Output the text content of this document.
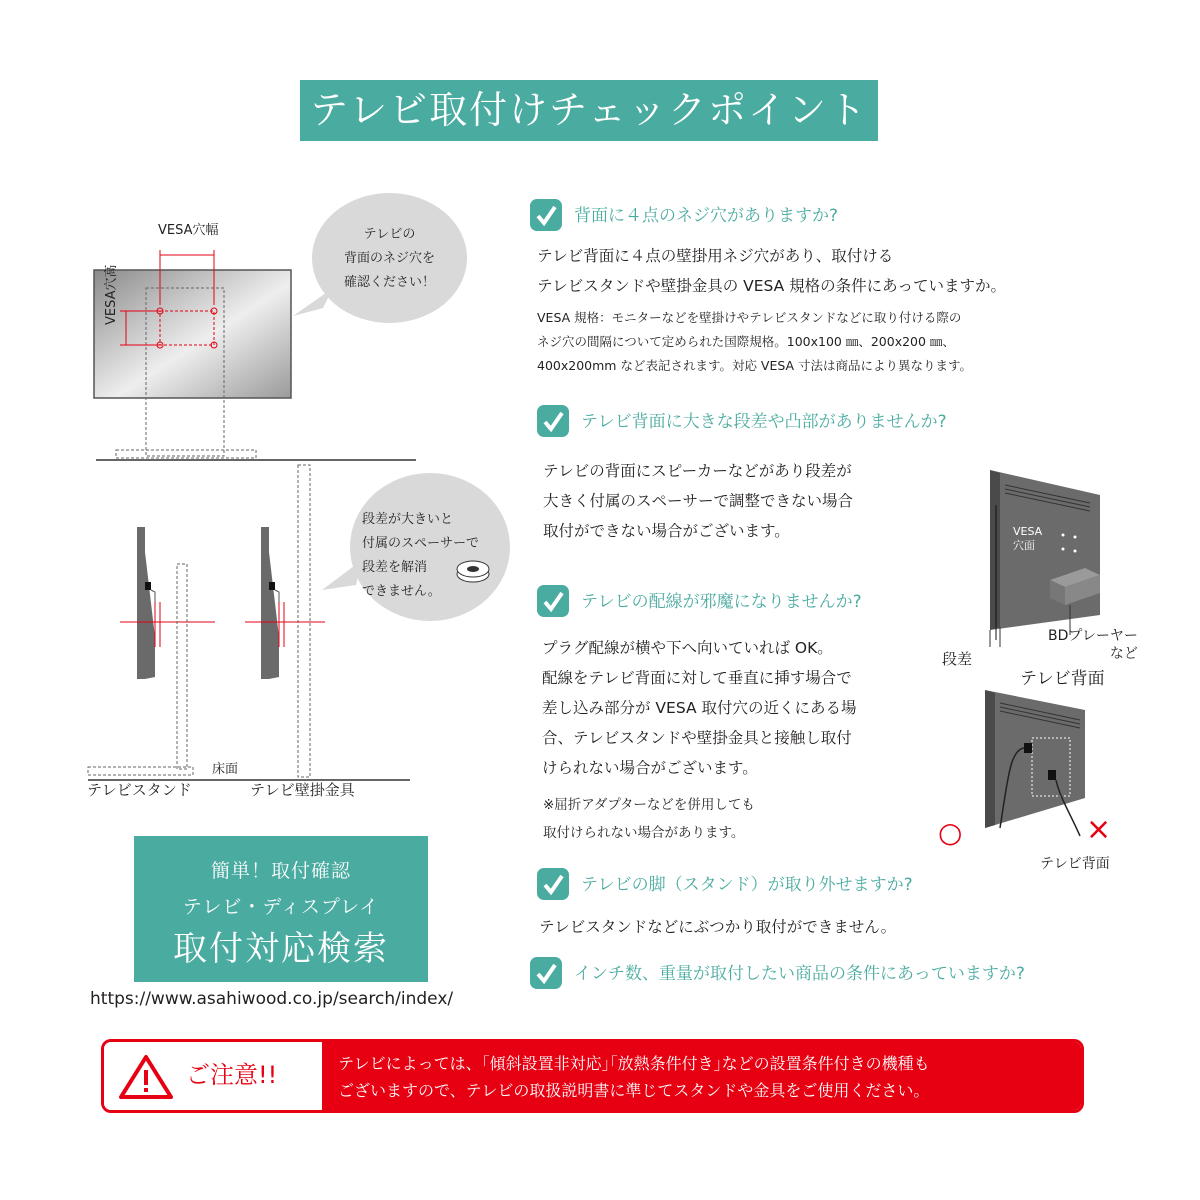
テレビ取付けチェックポイント
VESA穴幅
VESA穴高
テレビの
背面のネジ穴を
確認ください！
床面
テレビスタンド	テレビ壁掛金具
段差が大きいと
付属のスペーサーで
段差を解消
できません。
背面に４点のネジ穴がありますか?
テレビ背面に４点の壁掛用ネジ穴があり、取付ける
テレビスタンドや壁掛金具の VESA 規格の条件にあっていますか。
VESA 規格：モニターなどを壁掛けやテレビスタンドなどに取り付ける際の
ネジ穴の間隔について定められた国際規格。100x100 ㎜、200x200 ㎜、
400x200mm など表記されます。対応 VESA 寸法は商品により異なります。
テレビ背面に大きな段差や凸部がありませんか?
テレビの背面にスピーカーなどがあり段差が
大きく付属のスペーサーで調整できない場合
取付ができない場合がございます。
テレビの配線が邪魔になりませんか?
プラグ配線が横や下へ向いていれば OK。
配線をテレビ背面に対して垂直に挿す場合で
差し込み部分が VESA 取付穴の近くにある場
合、テレビスタンドや壁掛金具と接触し取付
けられない場合がございます。
※屈折アダプターなどを併用しても
取付けられない場合があります。
テレビの脚（スタンド）が取り外せますか?
テレビスタンドなどにぶつかり取付ができません。
インチ数、重量が取付したい商品の条件にあっていますか?
VESA
穴面
BDプレーヤー
など
段差
テレビ背面
○	×
テレビ背面
簡単！取付確認
テレビ・ディスプレイ
取付対応検索
https://www.asahiwood.co.jp/search/index/
ご注意!!	テレビによっては、｢傾斜設置非対応｣｢放熱条件付き｣などの設置条件付きの機種も
ございますので、テレビの取扱説明書に準じてスタンドや金具をご使用ください。
